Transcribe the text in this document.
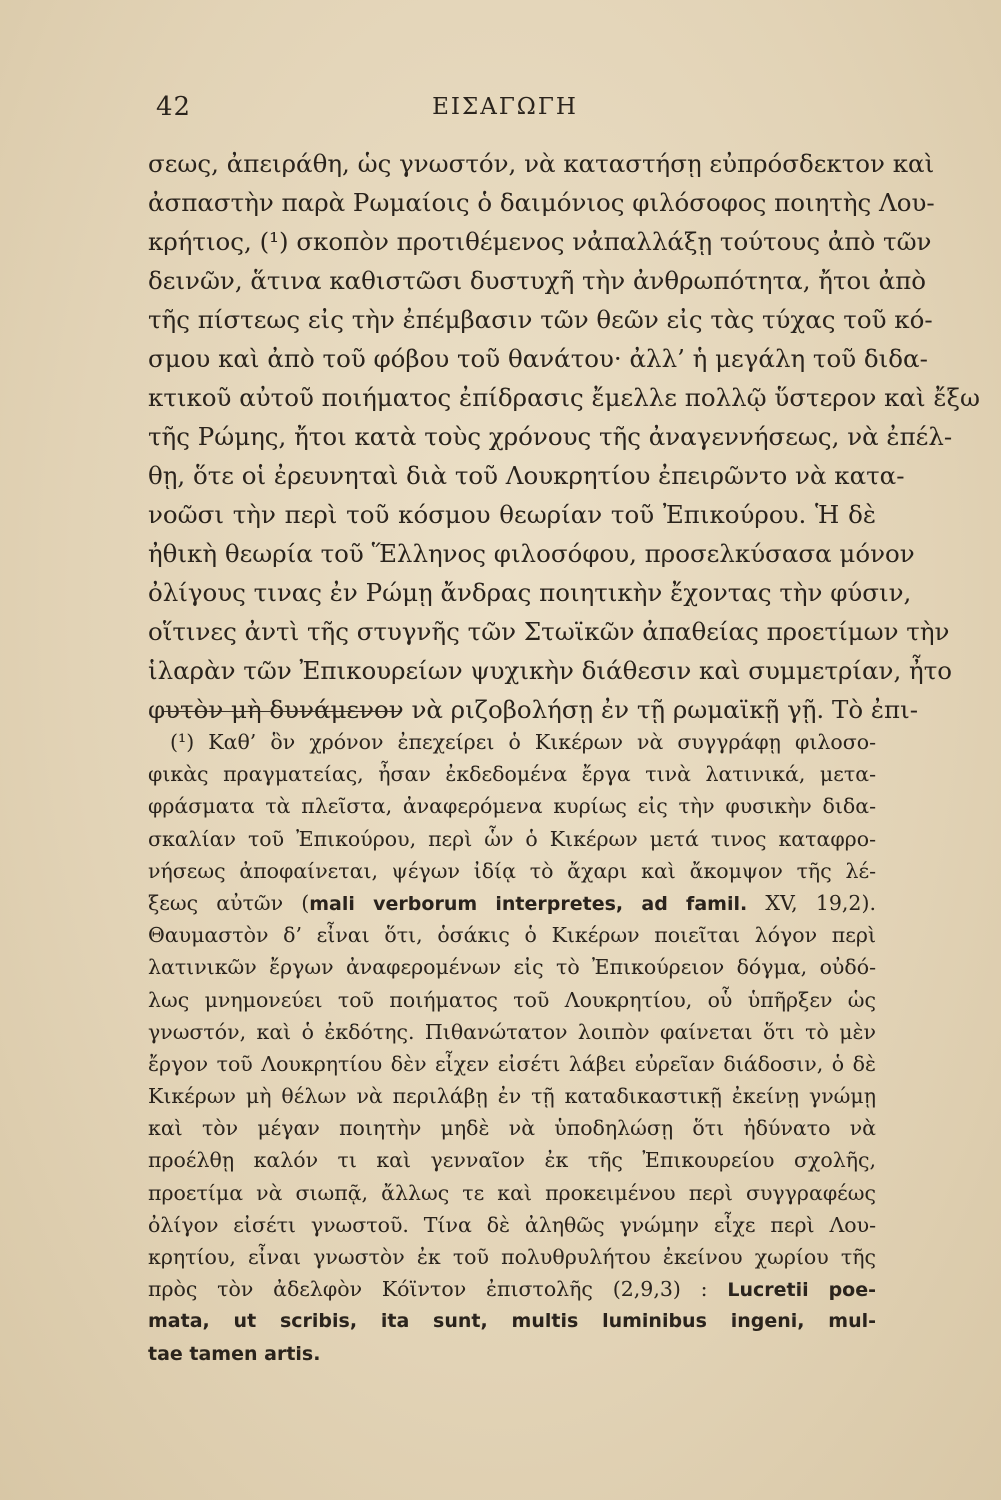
42	ΕΙΣΑΓΩΓΗ
σεως, ἀπειράθη, ὡς γνωστόν, νὰ καταστήσῃ εὐπρόσδεκτον καὶ
ἀσπαστὴν παρὰ Ρωμαίοις ὁ δαιμόνιος φιλόσοφος ποιητὴς Λου-
κρήτιος, (¹) σκοπὸν προτιθέμενος νἀπαλλάξῃ τούτους ἀπὸ τῶν
δεινῶν, ἅτινα καθιστῶσι δυστυχῆ τὴν ἀνθρωπότητα, ἤτοι ἀπὸ
τῆς πίστεως εἰς τὴν ἐπέμβασιν τῶν θεῶν εἰς τὰς τύχας τοῦ κό-
σμου καὶ ἀπὸ τοῦ φόβου τοῦ θανάτου· ἀλλ’ ἡ μεγάλη τοῦ διδα-
κτικοῦ αὐτοῦ ποιήματος ἐπίδρασις ἔμελλε πολλῷ ὕστερον καὶ ἔξω
τῆς Ρώμης, ἤτοι κατὰ τοὺς χρόνους τῆς ἀναγεννήσεως, νὰ ἐπέλ-
θῃ, ὅτε οἱ ἐρευνηταὶ διὰ τοῦ Λουκρητίου ἐπειρῶντο νὰ κατα-
νοῶσι τὴν περὶ τοῦ κόσμου θεωρίαν τοῦ Ἐπικούρου. Ἡ δὲ
ἠθικὴ θεωρία τοῦ Ἕλληνος φιλοσόφου, προσελκύσασα μόνον
ὀλίγους τινας ἐν Ρώμῃ ἄνδρας ποιητικὴν ἔχοντας τὴν φύσιν,
οἵτινες ἀντὶ τῆς στυγνῆς τῶν Στωϊκῶν ἀπαθείας προετίμων τὴν
ἱλαρὰν τῶν Ἐπικουρείων ψυχικὴν διάθεσιν καὶ συμμετρίαν, ἦτο
φυτὸν μὴ δυνάμενον νὰ ριζοβολήσῃ ἐν τῇ ρωμαϊκῇ γῇ. Τὸ ἐπι-
(¹) Καθ’ ὃν χρόνον ἐπεχείρει ὁ Κικέρων νὰ συγγράφῃ φιλοσο-
φικὰς πραγματείας, ἦσαν ἐκδεδομένα ἔργα τινὰ λατινικά, μετα-
φράσματα τὰ πλεῖστα, ἀναφερόμενα κυρίως εἰς τὴν φυσικὴν διδα-
σκαλίαν τοῦ Ἐπικούρου, περὶ ὧν ὁ Κικέρων μετά τινος καταφρο-
νήσεως ἀποφαίνεται, ψέγων ἰδίᾳ τὸ ἄχαρι καὶ ἄκομψον τῆς λέ-
ξεως αὐτῶν (mali verborum interpretes, ad famil. XV, 19,2).
Θαυμαστὸν δ’ εἶναι ὅτι, ὁσάκις ὁ Κικέρων ποιεῖται λόγον περὶ
λατινικῶν ἔργων ἀναφερομένων εἰς τὸ Ἐπικούρειον δόγμα, οὐδό-
λως μνημονεύει τοῦ ποιήματος τοῦ Λουκρητίου, οὗ ὑπῆρξεν ὡς
γνωστόν, καὶ ὁ ἐκδότης. Πιθανώτατον λοιπὸν φαίνεται ὅτι τὸ μὲν
ἔργον τοῦ Λουκρητίου δὲν εἶχεν εἰσέτι λάβει εὐρεῖαν διάδοσιν, ὁ δὲ
Κικέρων μὴ θέλων νὰ περιλάβῃ ἐν τῇ καταδικαστικῇ ἐκείνῃ γνώμῃ
καὶ τὸν μέγαν ποιητὴν μηδὲ νὰ ὑποδηλώσῃ ὅτι ἠδύνατο νὰ
προέλθῃ καλόν τι καὶ γενναῖον ἐκ τῆς Ἐπικουρείου σχολῆς,
προετίμα νὰ σιωπᾷ, ἄλλως τε καὶ προκειμένου περὶ συγγραφέως
ὀλίγον εἰσέτι γνωστοῦ. Τίνα δὲ ἀληθῶς γνώμην εἶχε περὶ Λου-
κρητίου, εἶναι γνωστὸν ἐκ τοῦ πολυθρυλήτου ἐκείνου χωρίου τῆς
πρὸς τὸν ἀδελφὸν Κόϊντον ἐπιστολῆς (2,9,3) : Lucretii poe-
mata, ut scribis, ita sunt, multis luminibus ingeni, mul-
tae tamen artis.
